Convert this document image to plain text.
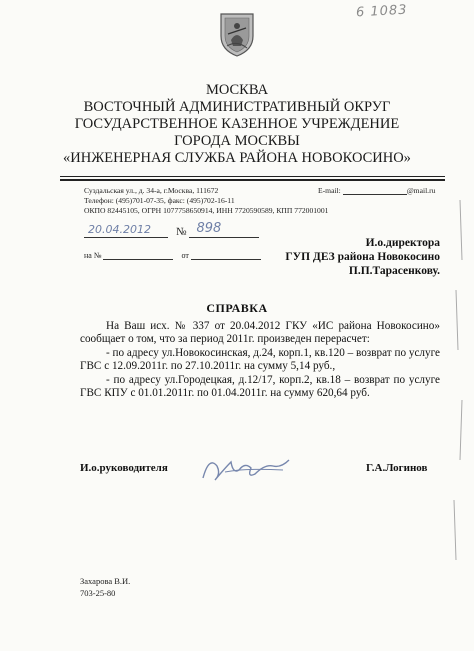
6 1083
МОСКВА
ВОСТОЧНЫЙ АДМИНИСТРАТИВНЫЙ ОКРУГ
ГОСУДАРСТВЕННОЕ КАЗЕННОЕ УЧРЕЖДЕНИЕ
ГОРОДА МОСКВЫ
«ИНЖЕНЕРНАЯ СЛУЖБА РАЙОНА НОВОКОСИНО»
Суздальская ул., д. 34-а, г.Москва, 111672
Телефон: (495)701-07-35, факс: (495)702-16-11
ОКПО 82445105, ОГРН 1077758650914, ИНН 7720590589, КПП 772001001
E-mail:	@mail.ru
20.04.2012 № 898
на №	от
И.о.директора
ГУП ДЕЗ района Новокосино
П.П.Тарасенкову.
СПРАВКА

На Ваш исх. № 337 от 20.04.2012 ГКУ «ИС района Новокосино» сообщает о том, что за период 2011г. произведен перерасчет:

- по адресу ул.Новокосинская, д.24, корп.1, кв.120 – возврат по услуге ГВС с 12.09.2011г. по 27.10.2011г. на сумму 5,14 руб.,

- по адресу ул.Городецкая, д.12/17, корп.2, кв.18 – возврат по услуге ГВС КПУ с 01.01.2011г. по 01.04.2011г. на сумму 620,64 руб.

И.о.руководителя	Г.А.Логинов
Захарова В.И.
703-25-80
